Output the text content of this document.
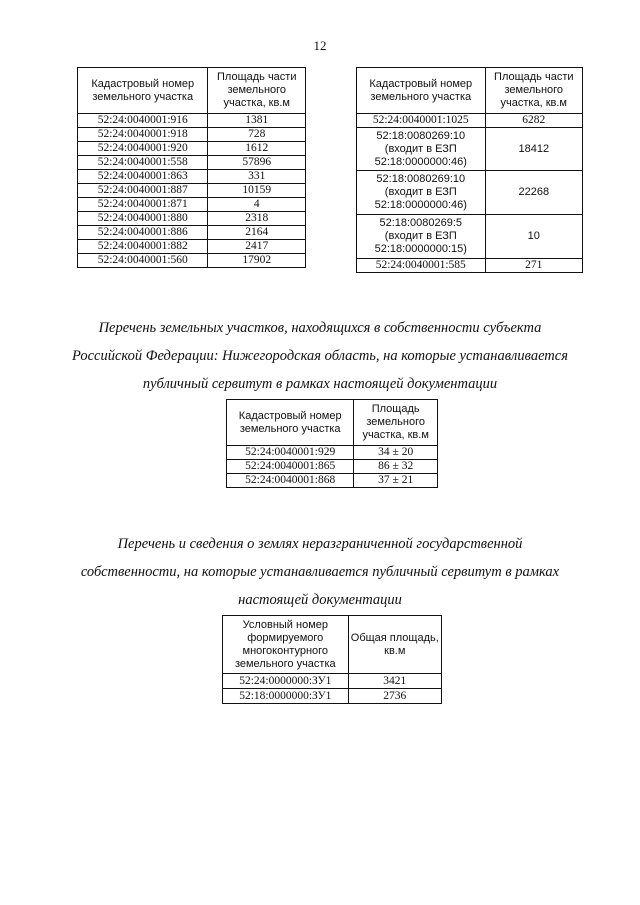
12
Кадастровый номер земельного участка	Площадь части земельного участка, кв.м
52:24:0040001:916	1381
52:24:0040001:918	728
52:24:0040001:920	1612
52:24:0040001:558	57896
52:24:0040001:863	331
52:24:0040001:887	10159
52:24:0040001:871	4
52:24:0040001:880	2318
52:24:0040001:886	2164
52:24:0040001:882	2417
52:24:0040001:560	17902
Кадастровый номер земельного участка	Площадь части земельного участка, кв.м
52:24:0040001:1025	6282

52:18:0080269:10
(входит в ЕЗП
52:18:0000000:46)	18412

52:18:0080269:10
(входит в ЕЗП
52:18:0000000:46)	22268

52:18:0080269:5
(входит в ЕЗП
52:18:0000000:15)	10
52:24:0040001:585	271
Перечень земельных участков, находящихся в собственности субъекта
Российской Федерации: Нижегородская область, на которые устанавливается
публичный сервитут в рамках настоящей документации
Кадастровый номер земельного участка	Площадь земельного участка, кв.м
52:24:0040001:929	34 ± 20
52:24:0040001:865	86 ± 32
52:24:0040001:868	37 ± 21
Перечень и сведения о землях неразграниченной государственной
собственности, на которые устанавливается публичный сервитут в рамках
настоящей документации
Условный номер формируемого многоконтурного земельного участка	Общая площадь, кв.м
52:24:0000000:ЗУ1	3421
52:18:0000000:ЗУ1	2736
